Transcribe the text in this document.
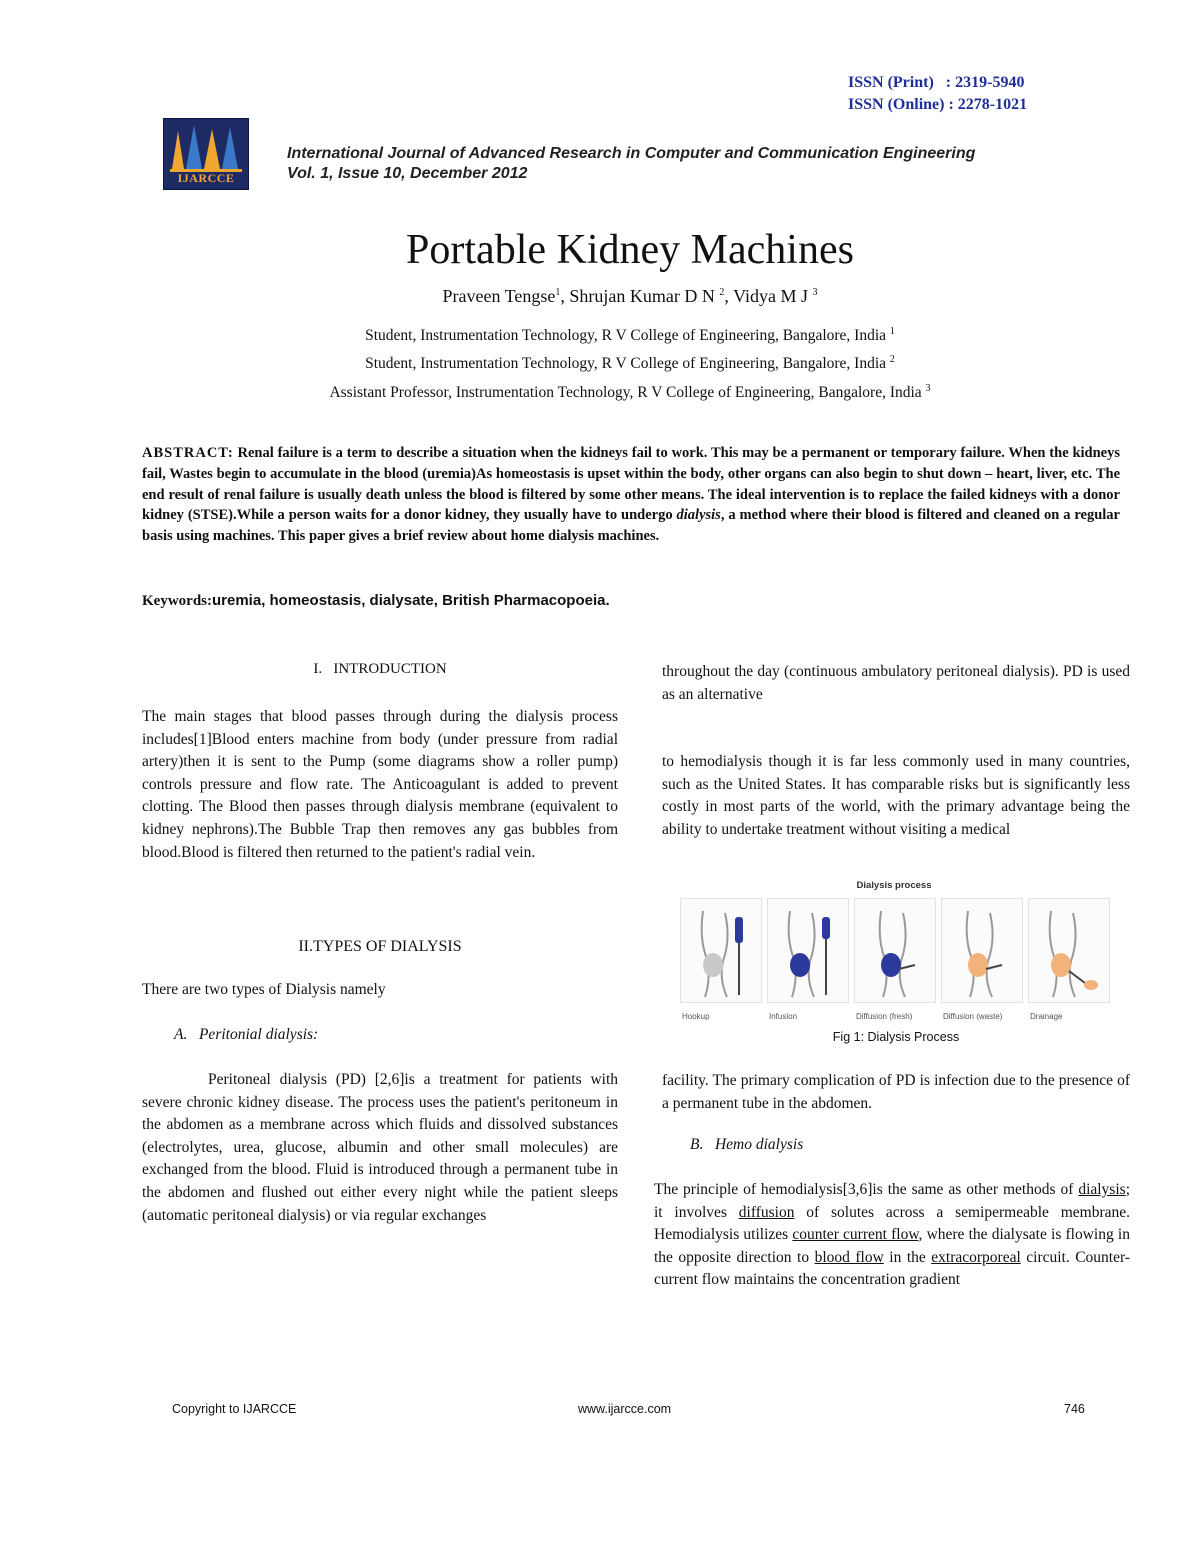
ISSN (Print)   : 2319-5940
ISSN (Online) : 2278-1021
IJARCCE
International Journal of Advanced Research in Computer and Communication Engineering
Vol. 1, Issue 10, December 2012
Portable Kidney Machines
Praveen Tengse$^1$, Shrujan Kumar D N $^2$, Vidya M J $^3$
Student, Instrumentation Technology, R V College of Engineering, Bangalore, India $^1$
Student, Instrumentation Technology, R V College of Engineering, Bangalore, India $^2$
Assistant Professor, Instrumentation Technology, R V College of Engineering, Bangalore, India $^3$
ABSTRACT: Renal failure is a term to describe a situation when the kidneys fail to work. This may be a permanent or temporary failure. When the kidneys fail, Wastes begin to accumulate in the blood (uremia)As homeostasis is upset within the body, other organs can also begin to shut down – heart, liver, etc. The end result of renal failure is usually death unless the blood is filtered by some other means. The ideal intervention is to replace the failed kidneys with a donor kidney (STSE).While a person waits for a donor kidney, they usually have to undergo dialysis, a method where their blood is filtered and cleaned on a regular basis using machines. This paper gives a brief review about home dialysis machines.
Keywords:uremia, homeostasis, dialysate, British Pharmacopoeia.
I. INTRODUCTION
The main stages that blood passes through during the dialysis process includes[1]Blood enters machine from body (under pressure from radial artery)then it is sent to the Pump (some diagrams show a roller pump) controls pressure and flow rate. The Anticoagulant is added to prevent clotting. The Blood then passes through dialysis membrane (equivalent to kidney nephrons).The Bubble Trap then removes any gas bubbles from blood.Blood is filtered then returned to the patient's radial vein.
II.TYPES OF DIALYSIS
There are two types of Dialysis namely
A. Peritonial dialysis:
Peritoneal dialysis (PD) [2,6]is a treatment for patients with severe chronic kidney disease. The process uses the patient's peritoneum in the abdomen as a membrane across which fluids and dissolved substances (electrolytes, urea, glucose, albumin and other small molecules) are exchanged from the blood. Fluid is introduced through a permanent tube in the abdomen and flushed out either every night while the patient sleeps (automatic peritoneal dialysis) or via regular exchanges
throughout the day (continuous ambulatory peritoneal dialysis). PD is used as an alternative
to hemodialysis though it is far less commonly used in many countries, such as the United States. It has comparable risks but is significantly less costly in most parts of the world, with the primary advantage being the ability to undertake treatment without visiting a medical
Dialysis process
Hookup	Infusion	Diffusion (fresh)	Diffusion (waste)	Drainage
Fig 1: Dialysis Process
facility. The primary complication of PD is infection due to the presence of a permanent tube in the abdomen.
B. Hemo dialysis
The principle of hemodialysis[3,6]is the same as other methods of dialysis; it involves diffusion of solutes across a semipermeable membrane. Hemodialysis utilizes counter current flow, where the dialysate is flowing in the opposite direction to blood flow in the extracorporeal circuit. Counter-current flow maintains the concentration gradient
Copyright to IJARCCE	www.ijarcce.com	746
